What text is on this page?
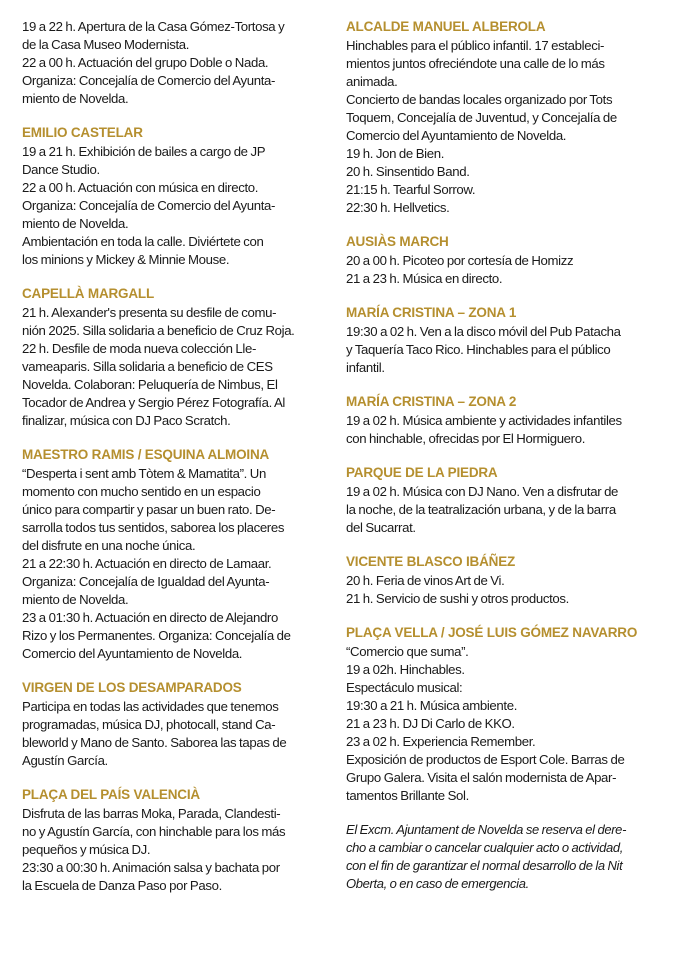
19 a 22 h. Apertura de la Casa Gómez-Tortosa y
de la Casa Museo Modernista.
22 a 00 h. Actuación del grupo Doble o Nada.
Organiza: Concejalía de Comercio del Ayunta-
miento de Novelda.
EMILIO CASTELAR
19 a 21 h. Exhibición de bailes a cargo de JP
Dance Studio.
22 a 00 h. Actuación con música en directo.
Organiza: Concejalía de Comercio del Ayunta-
miento de Novelda.
Ambientación en toda la calle. Diviértete con
los minions y Mickey & Minnie Mouse.
CAPELLÀ MARGALL
21 h. Alexander's presenta su desfile de comu-
nión 2025. Silla solidaria a beneficio de Cruz Roja.
22 h. Desfile de moda nueva colección Lle-
vameaparis. Silla solidaria a beneficio de CES
Novelda. Colaboran: Peluquería de Nimbus, El
Tocador de Andrea y Sergio Pérez Fotografía. Al
finalizar, música con DJ Paco Scratch.
MAESTRO RAMIS / ESQUINA ALMOINA
“Desperta i sent amb Tòtem & Mamatita”. Un
momento con mucho sentido en un espacio
único para compartir y pasar un buen rato. De-
sarrolla todos tus sentidos, saborea los placeres
del disfrute en una noche única.
21 a 22:30 h. Actuación en directo de Lamaar.
Organiza: Concejalía de Igualdad del Ayunta-
miento de Novelda.
23 a 01:30 h. Actuación en directo de Alejandro
Rizo y los Permanentes. Organiza: Concejalía de
Comercio del Ayuntamiento de Novelda.
VIRGEN DE LOS DESAMPARADOS
Participa en todas las actividades que tenemos
programadas, música DJ, photocall, stand Ca-
bleworld y Mano de Santo. Saborea las tapas de
Agustín García.
PLAÇA DEL PAÍS VALENCIÀ
Disfruta de las barras Moka, Parada, Clandesti-
no y Agustín García, con hinchable para los más
pequeños y música DJ.
23:30 a 00:30 h. Animación salsa y bachata por
la Escuela de Danza Paso por Paso.
ALCALDE MANUEL ALBEROLA
Hinchables para el público infantil. 17 estableci-
mientos juntos ofreciéndote una calle de lo más
animada.
Concierto de bandas locales organizado por Tots
Toquem, Concejalía de Juventud, y Concejalía de
Comercio del Ayuntamiento de Novelda.
19 h. Jon de Bien.
20 h. Sinsentido Band.
21:15 h. Tearful Sorrow.
22:30 h. Hellvetics.
AUSIÀS MARCH
20 a 00 h. Picoteo por cortesía de Homizz
21 a 23 h. Música en directo.
MARÍA CRISTINA – ZONA 1
19:30 a 02 h. Ven a la disco móvil del Pub Patacha
y Taquería Taco Rico. Hinchables para el público
infantil.
MARÍA CRISTINA – ZONA 2
19 a 02 h. Música ambiente y actividades infantiles
con hinchable, ofrecidas por El Hormiguero.
PARQUE DE LA PIEDRA
19 a 02 h. Música con DJ Nano. Ven a disfrutar de
la noche, de la teatralización urbana, y de la barra
del Sucarrat.
VICENTE BLASCO IBÁÑEZ
20 h. Feria de vinos Art de Vi.
21 h. Servicio de sushi y otros productos.
PLAÇA VELLA / JOSÉ LUIS GÓMEZ NAVARRO
“Comercio que suma”.
19 a 02h. Hinchables.
Espectáculo musical:
19:30 a 21 h. Música ambiente.
21 a 23 h. DJ Di Carlo de KKO.
23 a 02 h. Experiencia Remember.
Exposición de productos de Esport Cole. Barras de
Grupo Galera. Visita el salón modernista de Apar-
tamentos Brillante Sol.
El Excm. Ajuntament de Novelda se reserva el dere-
cho a cambiar o cancelar cualquier acto o actividad,
con el fin de garantizar el normal desarrollo de la Nit
Oberta, o en caso de emergencia.
